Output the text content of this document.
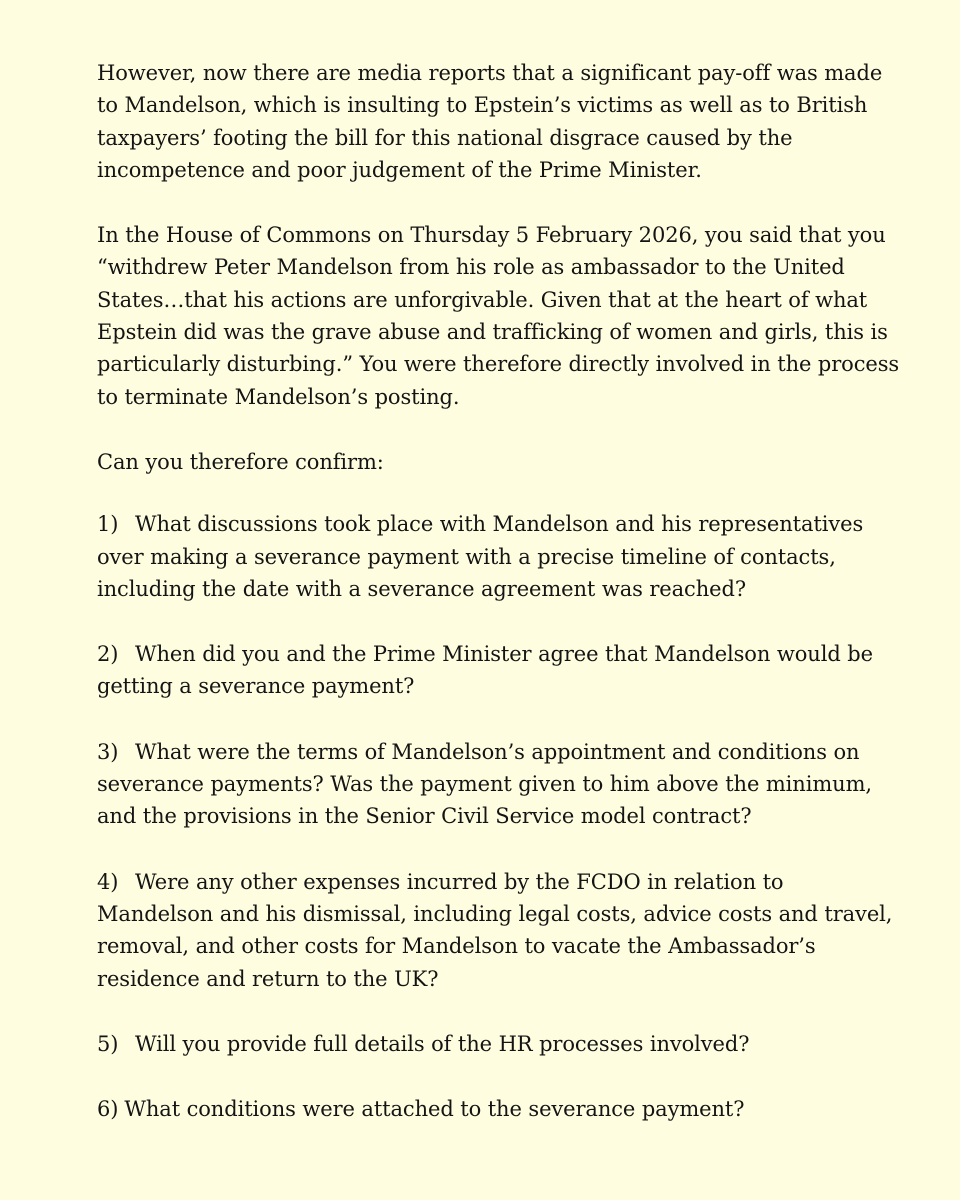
However, now there are media reports that a significant pay-off was made to Mandelson, which is insulting to Epstein’s victims as well as to British taxpayers’ footing the bill for this national disgrace caused by the incompetence and poor judgement of the Prime Minister.

In the House of Commons on Thursday 5 February 2026, you said that you “withdrew Peter Mandelson from his role as ambassador to the United States…that his actions are unforgivable. Given that at the heart of what Epstein did was the grave abuse and trafficking of women and girls, this is particularly disturbing.” You were therefore directly involved in the process to terminate Mandelson’s posting.

Can you therefore confirm:

1) What discussions took place with Mandelson and his representatives over making a severance payment with a precise timeline of contacts, including the date with a severance agreement was reached?

2) When did you and the Prime Minister agree that Mandelson would be getting a severance payment?

3) What were the terms of Mandelson’s appointment and conditions on severance payments? Was the payment given to him above the minimum, and the provisions in the Senior Civil Service model contract?

4) Were any other expenses incurred by the FCDO in relation to Mandelson and his dismissal, including legal costs, advice costs and travel, removal, and other costs for Mandelson to vacate the Ambassador’s residence and return to the UK?

5) Will you provide full details of the HR processes involved?

6) What conditions were attached to the severance payment?
